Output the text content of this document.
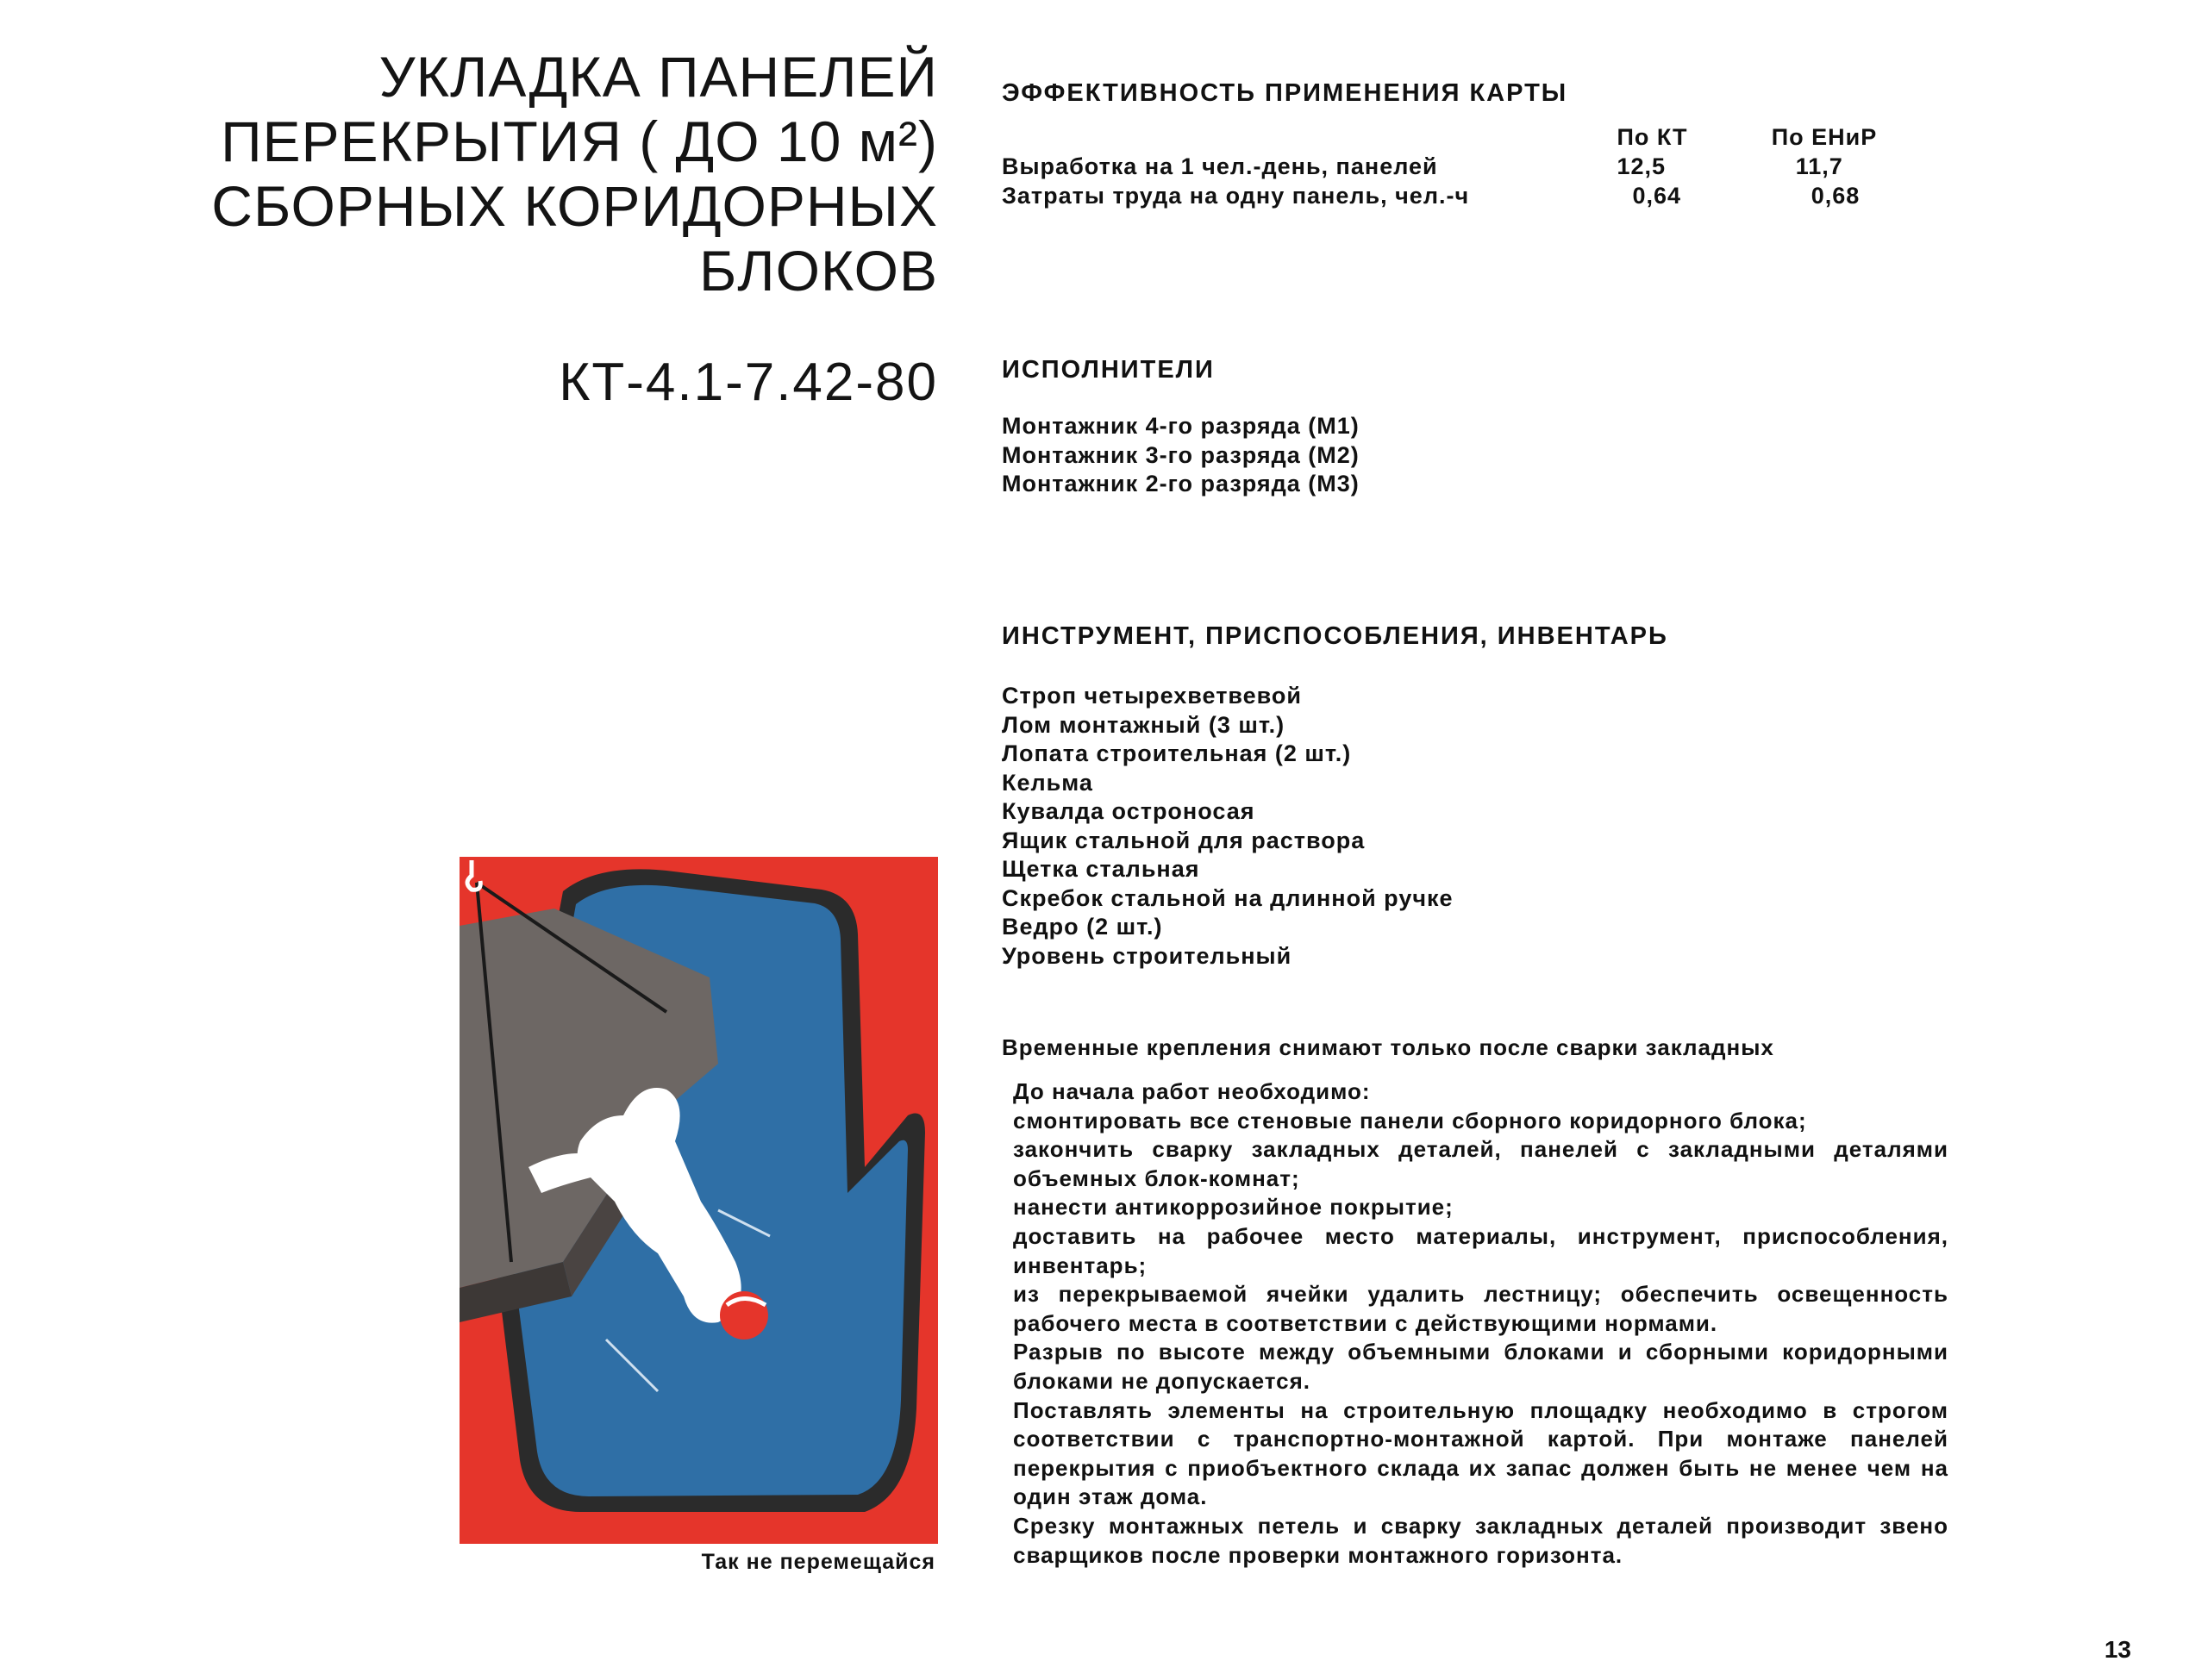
УКЛАДКА ПАНЕЛЕЙ
ПЕРЕКРЫТИЯ ( ДО 10 м²)
СБОРНЫХ КОРИДОРНЫХ
БЛОКОВ
КТ-4.1-7.42-80
Так не перемещайся
ЭФФЕКТИВНОСТЬ ПРИМЕНЕНИЯ КАРТЫ
	По КТ	По ЕНиР
Выработка на 1 чел.-день, панелей	12,5	11,7
Затраты труда на одну панель, чел.-ч	0,64	0,68
ИСПОЛНИТЕЛИ
Монтажник 4-го разряда (М1)
Монтажник 3-го разряда (М2)
Монтажник 2-го разряда (М3)
ИНСТРУМЕНТ, ПРИСПОСОБЛЕНИЯ, ИНВЕНТАРЬ
Строп четырехветвевой
Лом монтажный (3 шт.)
Лопата строительная (2 шт.)
Кельма
Кувалда остроносая
Ящик стальной для раствора
Щетка стальная
Скребок стальной на длинной ручке
Ведро (2 шт.)
Уровень строительный
Временные крепления снимают только после сварки закладных

До начала работ необходимо:

смонтировать все стеновые панели сборного коридорного блока;

закончить сварку закладных деталей, панелей с закладными деталями объемных блок-комнат;

нанести антикоррозийное покрытие;

доставить на рабочее место материалы, инструмент, приспособления, инвентарь;

из перекрываемой ячейки удалить лестницу; обеспечить освещенность рабочего места в соответствии с действующими нормами.

Разрыв по высоте между объемными блоками и сборными коридорными блоками не допускается.

Поставлять элементы на строительную площадку необходимо в строгом соответствии с транспортно-монтажной картой. При монтаже панелей перекрытия с приобъектного склада их запас должен быть не менее чем на один этаж дома.

Срезку монтажных петель и сварку закладных деталей производит звено сварщиков после проверки монтажного горизонта.

13
